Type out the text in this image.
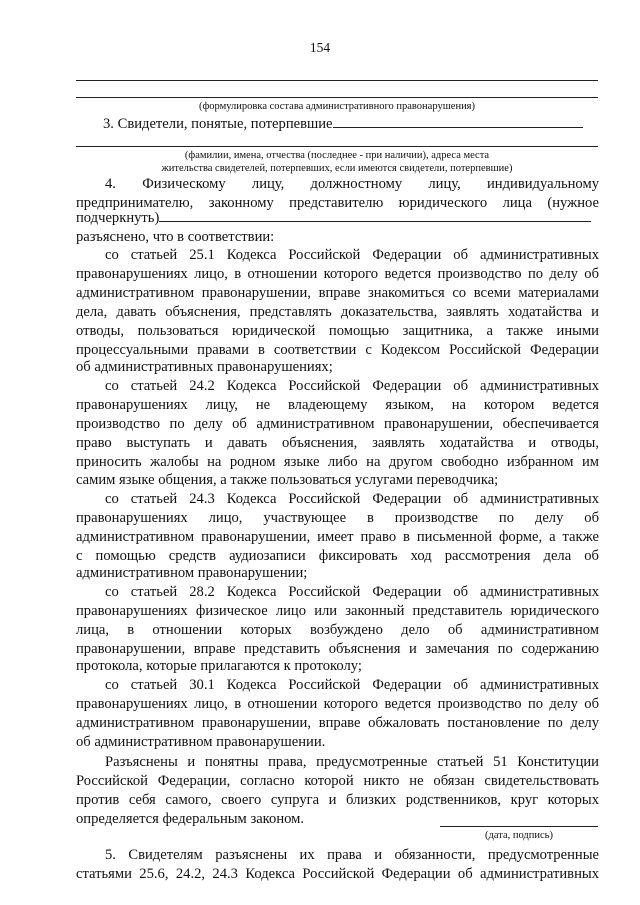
154
(формулировка состава административного правонарушения)
3. Свидетели, понятые, потерпевшие
(фамилии, имена, отчества (последнее - при наличии), адреса места
жительства свидетелей, потерпевших, если имеются свидетели, потерпевшие)
4. Физическому лицу, должностному лицу, индивидуальному
предпринимателю, законному представителю юридического лица (нужное
подчеркнуть)
разъяснено, что в соответствии:
со статьей 25.1 Кодекса Российской Федерации об административных
правонарушениях лицо, в отношении которого ведется производство по делу об
административном правонарушении, вправе знакомиться со всеми материалами
дела, давать объяснения, представлять доказательства, заявлять ходатайства и
отводы, пользоваться юридической помощью защитника, а также иными
процессуальными правами в соответствии с Кодексом Российской Федерации
об административных правонарушениях;
со статьей 24.2 Кодекса Российской Федерации об административных
правонарушениях лицу, не владеющему языком, на котором ведется
производство по делу об административном правонарушении, обеспечивается
право выступать и давать объяснения, заявлять ходатайства и отводы,
приносить жалобы на родном языке либо на другом свободно избранном им
самим языке общения, а также пользоваться услугами переводчика;
со статьей 24.3 Кодекса Российской Федерации об административных
правонарушениях лицо, участвующее в производстве по делу об
административном правонарушении, имеет право в письменной форме, а также
с помощью средств аудиозаписи фиксировать ход рассмотрения дела об
административном правонарушении;
со статьей 28.2 Кодекса Российской Федерации об административных
правонарушениях физическое лицо или законный представитель юридического
лица, в отношении которых возбуждено дело об административном
правонарушении, вправе представить объяснения и замечания по содержанию
протокола, которые прилагаются к протоколу;
со статьей 30.1 Кодекса Российской Федерации об административных
правонарушениях лицо, в отношении которого ведется производство по делу об
административном правонарушении, вправе обжаловать постановление по делу
об административном правонарушении.
Разъяснены и понятны права, предусмотренные статьей 51 Конституции
Российской Федерации, согласно которой никто не обязан свидетельствовать
против себя самого, своего супруга и близких родственников, круг которых
определяется федеральным законом.
(дата, подпись)
5. Свидетелям разъяснены их права и обязанности, предусмотренные
статьями 25.6, 24.2, 24.3 Кодекса Российской Федерации об административных
